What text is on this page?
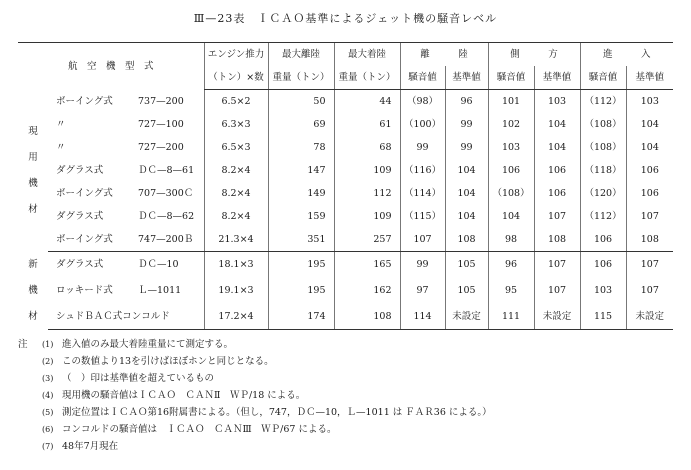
Ⅲ—23表　ＩＣＡＯ基準によるジェット機の騒音レベル
航　空　機　型　式		エンジン推力	最大離陸	最大着陸	離　　　陸		側　　　方		進　　　入	
		（トン）×数	重量（トン）	重量（トン）	騒音値	基準値	騒音値	基準値	騒音値	基準値

現
用
機
材	ボーイング式 737—200	6.5×2	50	44	（98）	96	101	103	（112）	103
	〃 727—100	6.3×3	69	61	（100）	99	102	104	（108）	104
	〃 727—200	6.5×3	78	68	99	99	103	104	（108）	104
	ダグラス式 ＤＣ—8—61	8.2×4	147	109	（116）	104	106	106	（118）	106
	ボーイング式 707—300Ｃ	8.2×4	149	112	（114）	104	（108）	106	（120）	106
	ダグラス式 ＤＣ—8—62	8.2×4	159	109	（115）	104	104	107	（112）	107
	ボーイング式 747—200Ｂ	21.3×4	351	257	107	108	98	108	106	108

新
機
材	ダグラス式 ＤＣ—10	18.1×3	195	165	99	105	96	107	106	107
	ロッキード式 Ｌ—1011	19.1×3	195	162	97	105	95	107	103	107
	シュドＢＡＣ式コンコルド	17.2×4	174	108	114	未設定	111	未設定	115	未設定
注	(1) 進入値のみ最大着陸重量にて測定する。
(2) この数値より13を引けばほぼホンと同じとなる。
(3) （　）印は基準値を超えているもの
(4) 現用機の騒音値はＩＣＡＯ　ＣＡＮⅡ　ＷＰ/18 による。
(5) 測定位置はＩＣＡＯ第16附属書による。（但し，747，ＤＣ—10，Ｌ—1011 は ＦＡＲ36 による。）
(6) コンコルドの騒音値は　ＩＣＡＯ　ＣＡＮⅢ　ＷＰ/67 による。
(7) 48年7月現在
